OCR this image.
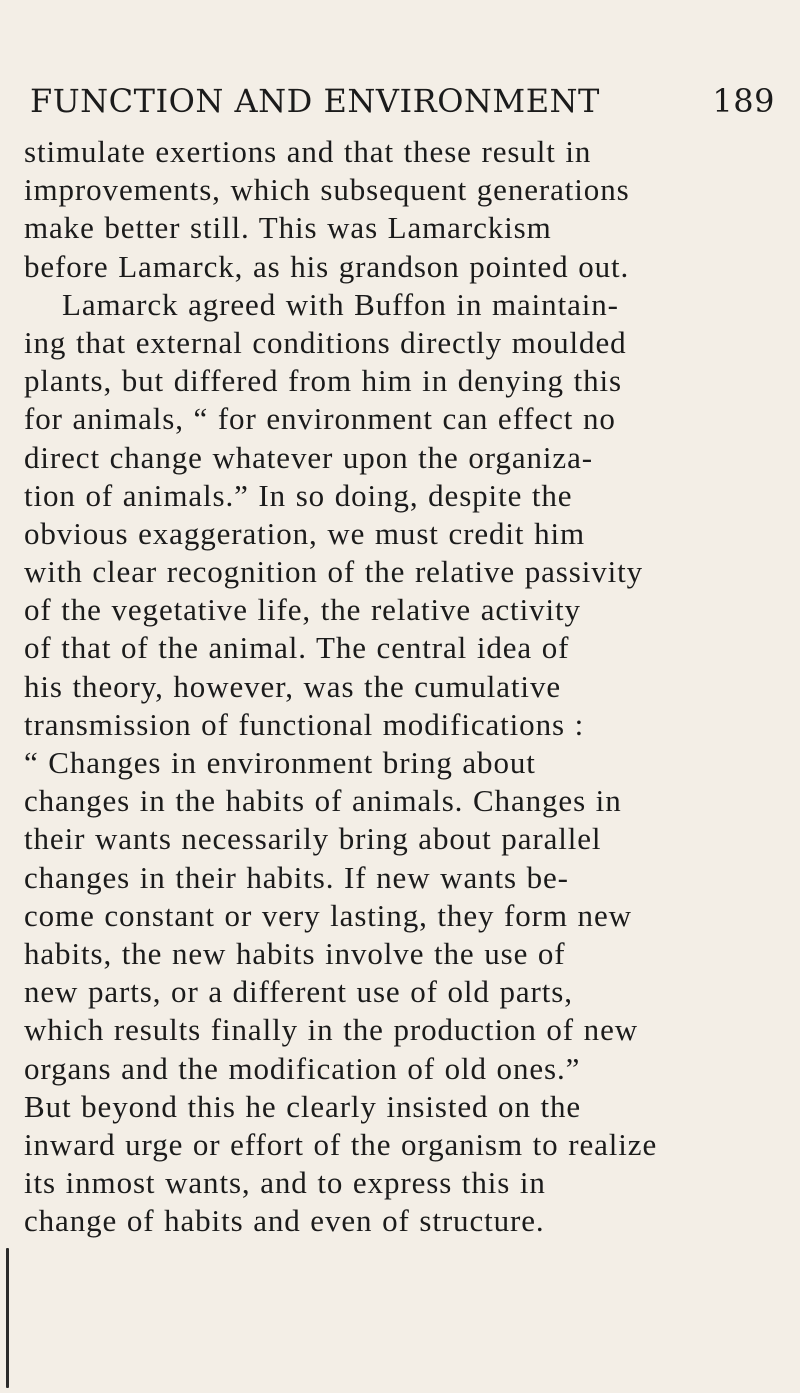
FUNCTION AND ENVIRONMENT	189
stimulate exertions and that these result in
improvements, which subsequent generations
make better still. This was Lamarckism
before Lamarck, as his grandson pointed out.
Lamarck agreed with Buffon in maintain-
ing that external conditions directly moulded
plants, but differed from him in denying this
for animals, “ for environment can effect no
direct change whatever upon the organiza-
tion of animals.” In so doing, despite the
obvious exaggeration, we must credit him
with clear recognition of the relative passivity
of the vegetative life, the relative activity
of that of the animal. The central idea of
his theory, however, was the cumulative
transmission of functional modifications :
“ Changes in environment bring about
changes in the habits of animals. Changes in
their wants necessarily bring about parallel
changes in their habits. If new wants be-
come constant or very lasting, they form new
habits, the new habits involve the use of
new parts, or a different use of old parts,
which results finally in the production of new
organs and the modification of old ones.”
But beyond this he clearly insisted on the
inward urge or effort of the organism to realize
its inmost wants, and to express this in
change of habits and even of structure.
